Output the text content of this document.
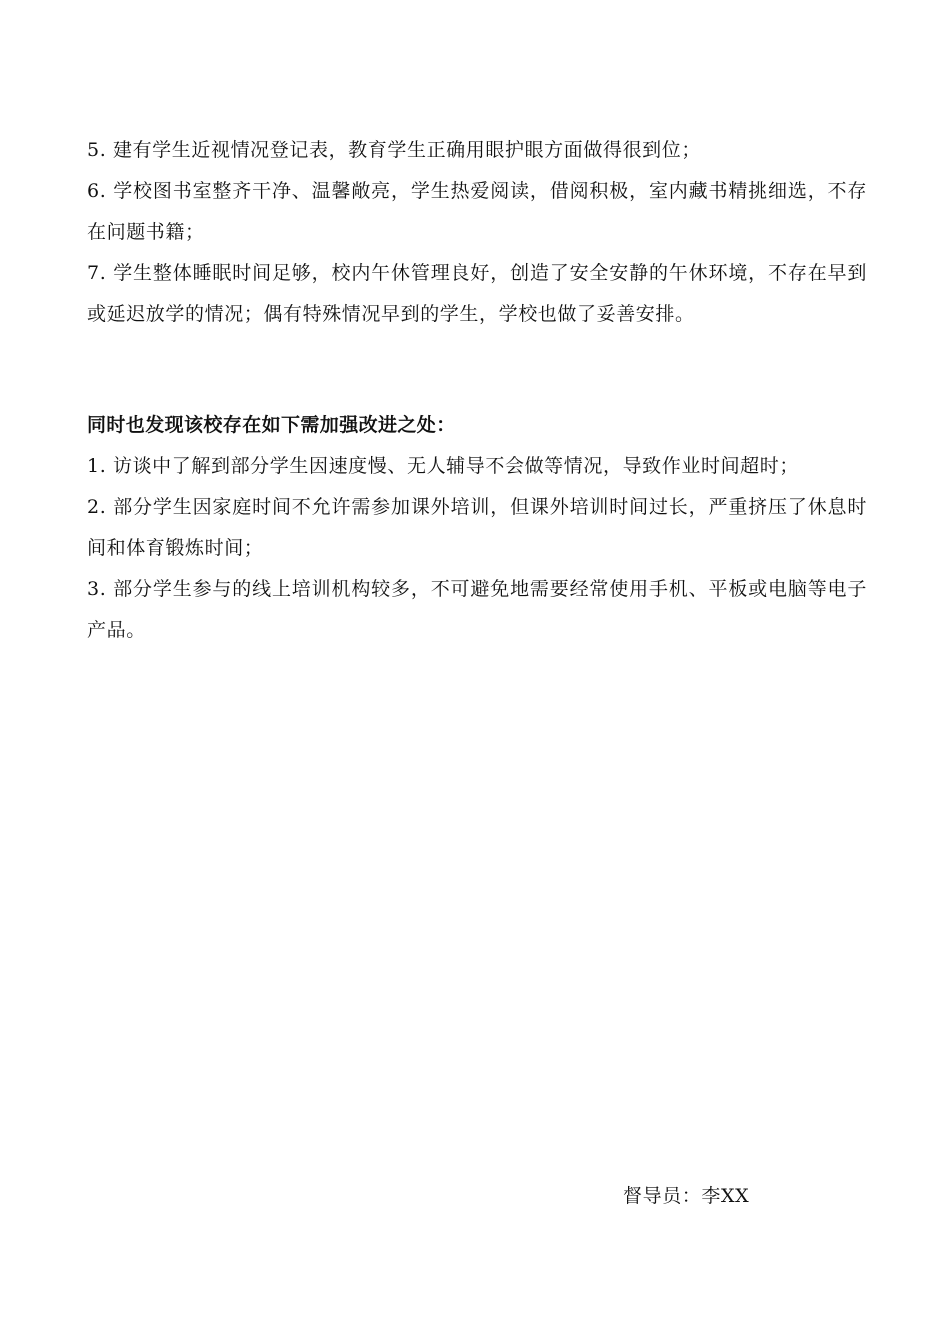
5. 建有学生近视情况登记表，教育学生正确用眼护眼方面做得很到位；

6. 学校图书室整齐干净、温馨敞亮，学生热爱阅读，借阅积极，室内藏书精挑细选，不存在问题书籍；

7. 学生整体睡眠时间足够，校内午休管理良好，创造了安全安静的午休环境，不存在早到或延迟放学的情况；偶有特殊情况早到的学生，学校也做了妥善安排。

同时也发现该校存在如下需加强改进之处：

1. 访谈中了解到部分学生因速度慢、无人辅导不会做等情况，导致作业时间超时；

2. 部分学生因家庭时间不允许需参加课外培训，但课外培训时间过长，严重挤压了休息时间和体育锻炼时间；

3. 部分学生参与的线上培训机构较多，不可避免地需要经常使用手机、平板或电脑等电子产品。

督导员：李XX
